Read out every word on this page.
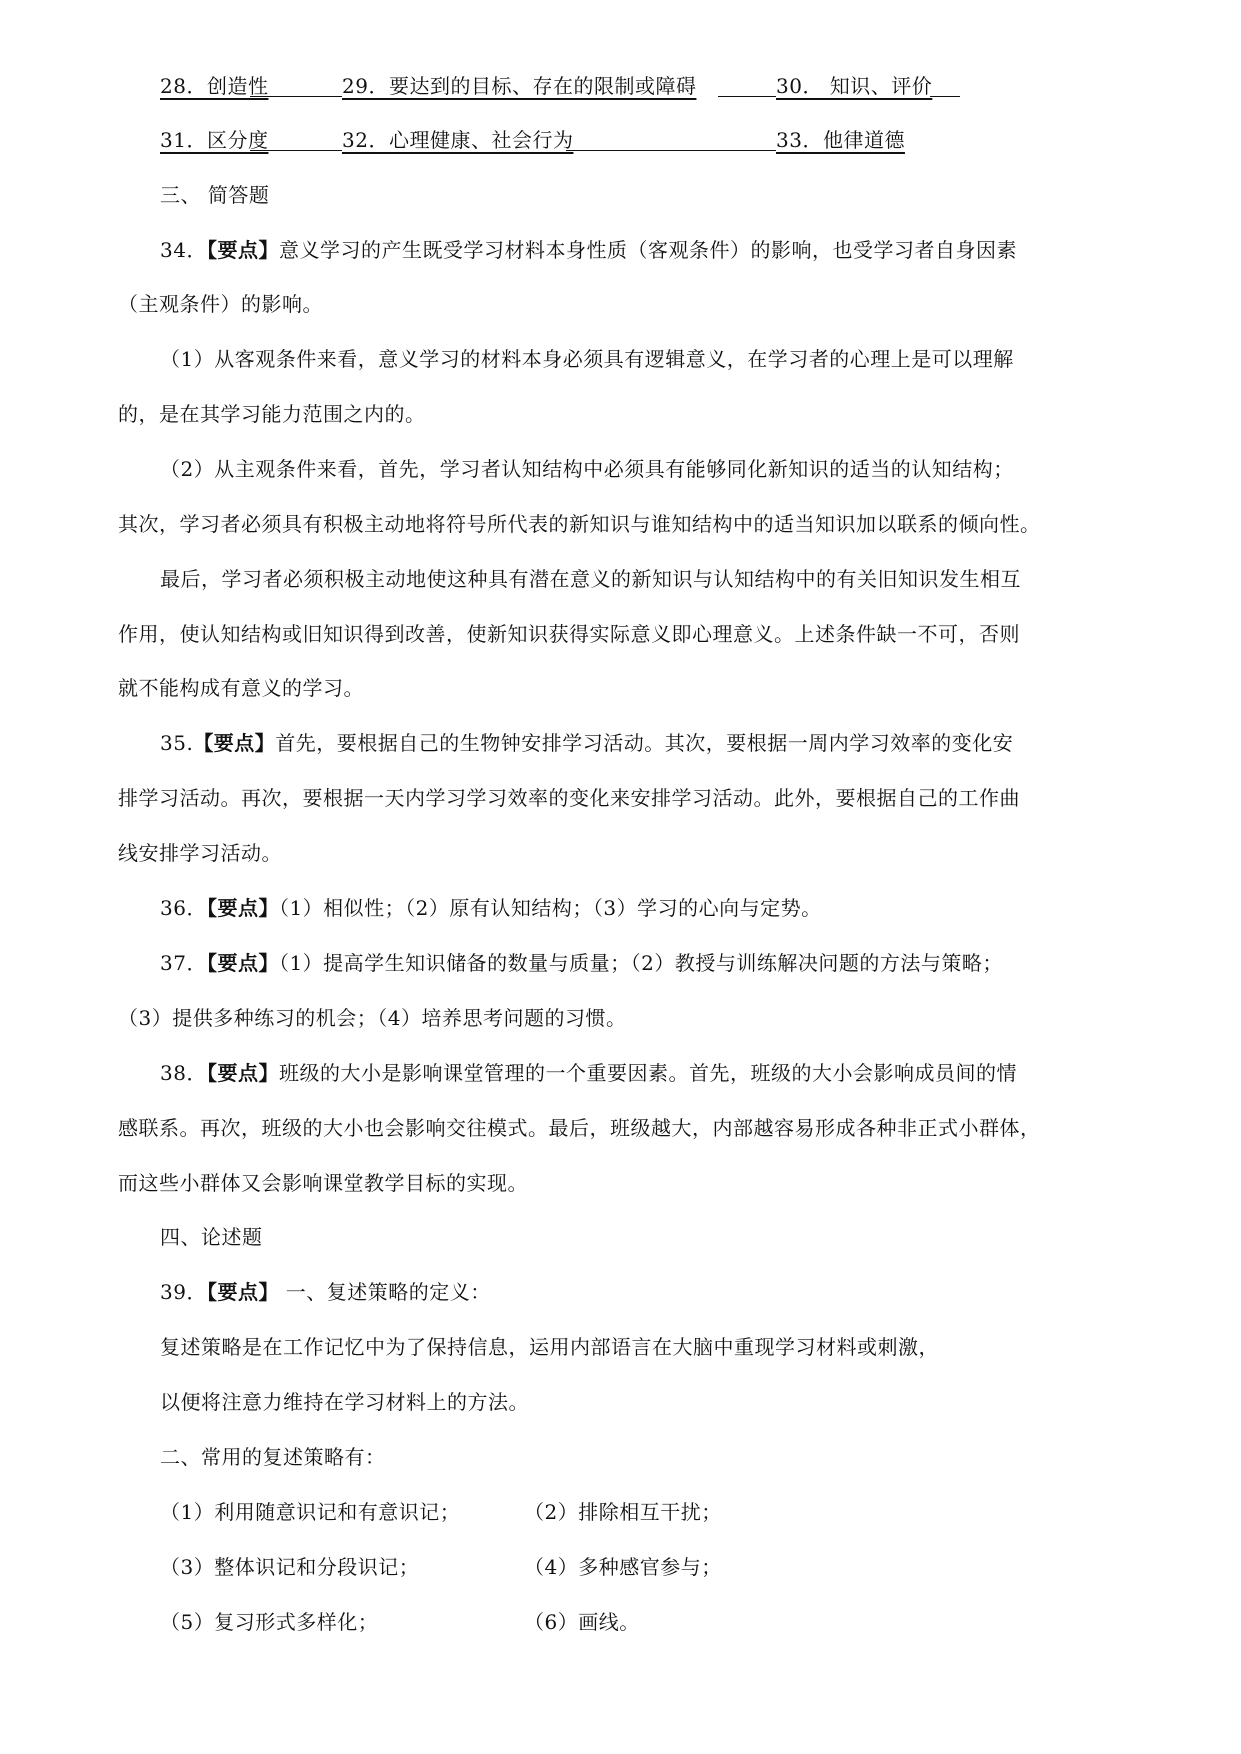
28．创造性	29．要达到的目标、存在的限制或障碍	30． 知识、评价
31．区分度	32．心理健康、社会行为	33．他律道德
三、 简答题
34．【要点】意义学习的产生既受学习材料本身性质（客观条件）的影响，也受学习者自身因素
（主观条件）的影响。
（1）从客观条件来看，意义学习的材料本身必须具有逻辑意义，在学习者的心理上是可以理解
的，是在其学习能力范围之内的。
（2）从主观条件来看，首先，学习者认知结构中必须具有能够同化新知识的适当的认知结构；
其次，学习者必须具有积极主动地将符号所代表的新知识与谁知结构中的适当知识加以联系的倾向性。
最后，学习者必须积极主动地使这种具有潜在意义的新知识与认知结构中的有关旧知识发生相互
作用，使认知结构或旧知识得到改善，使新知识获得实际意义即心理意义。上述条件缺一不可，否则
就不能构成有意义的学习。
35.【要点】首先，要根据自己的生物钟安排学习活动。其次，要根据一周内学习效率的变化安
排学习活动。再次，要根据一天内学习学习效率的变化来安排学习活动。此外，要根据自己的工作曲
线安排学习活动。
36．【要点】（1）相似性；（2）原有认知结构；（3）学习的心向与定势。
37．【要点】（1）提高学生知识储备的数量与质量；（2）教授与训练解决问题的方法与策略；
（3）提供多种练习的机会；（4）培养思考问题的习惯。
38．【要点】班级的大小是影响课堂管理的一个重要因素。首先，班级的大小会影响成员间的情
感联系。再次，班级的大小也会影响交往模式。最后，班级越大，内部越容易形成各种非正式小群体，
而这些小群体又会影响课堂教学目标的实现。
四、论述题
39．【要点】 一、复述策略的定义：
复述策略是在工作记忆中为了保持信息，运用内部语言在大脑中重现学习材料或刺激，
以便将注意力维持在学习材料上的方法。
二、常用的复述策略有：
（1）利用随意识记和有意识记；	（2）排除相互干扰；
（3）整体识记和分段识记；	（4）多种感官参与；
（5）复习形式多样化；	（6）画线。
